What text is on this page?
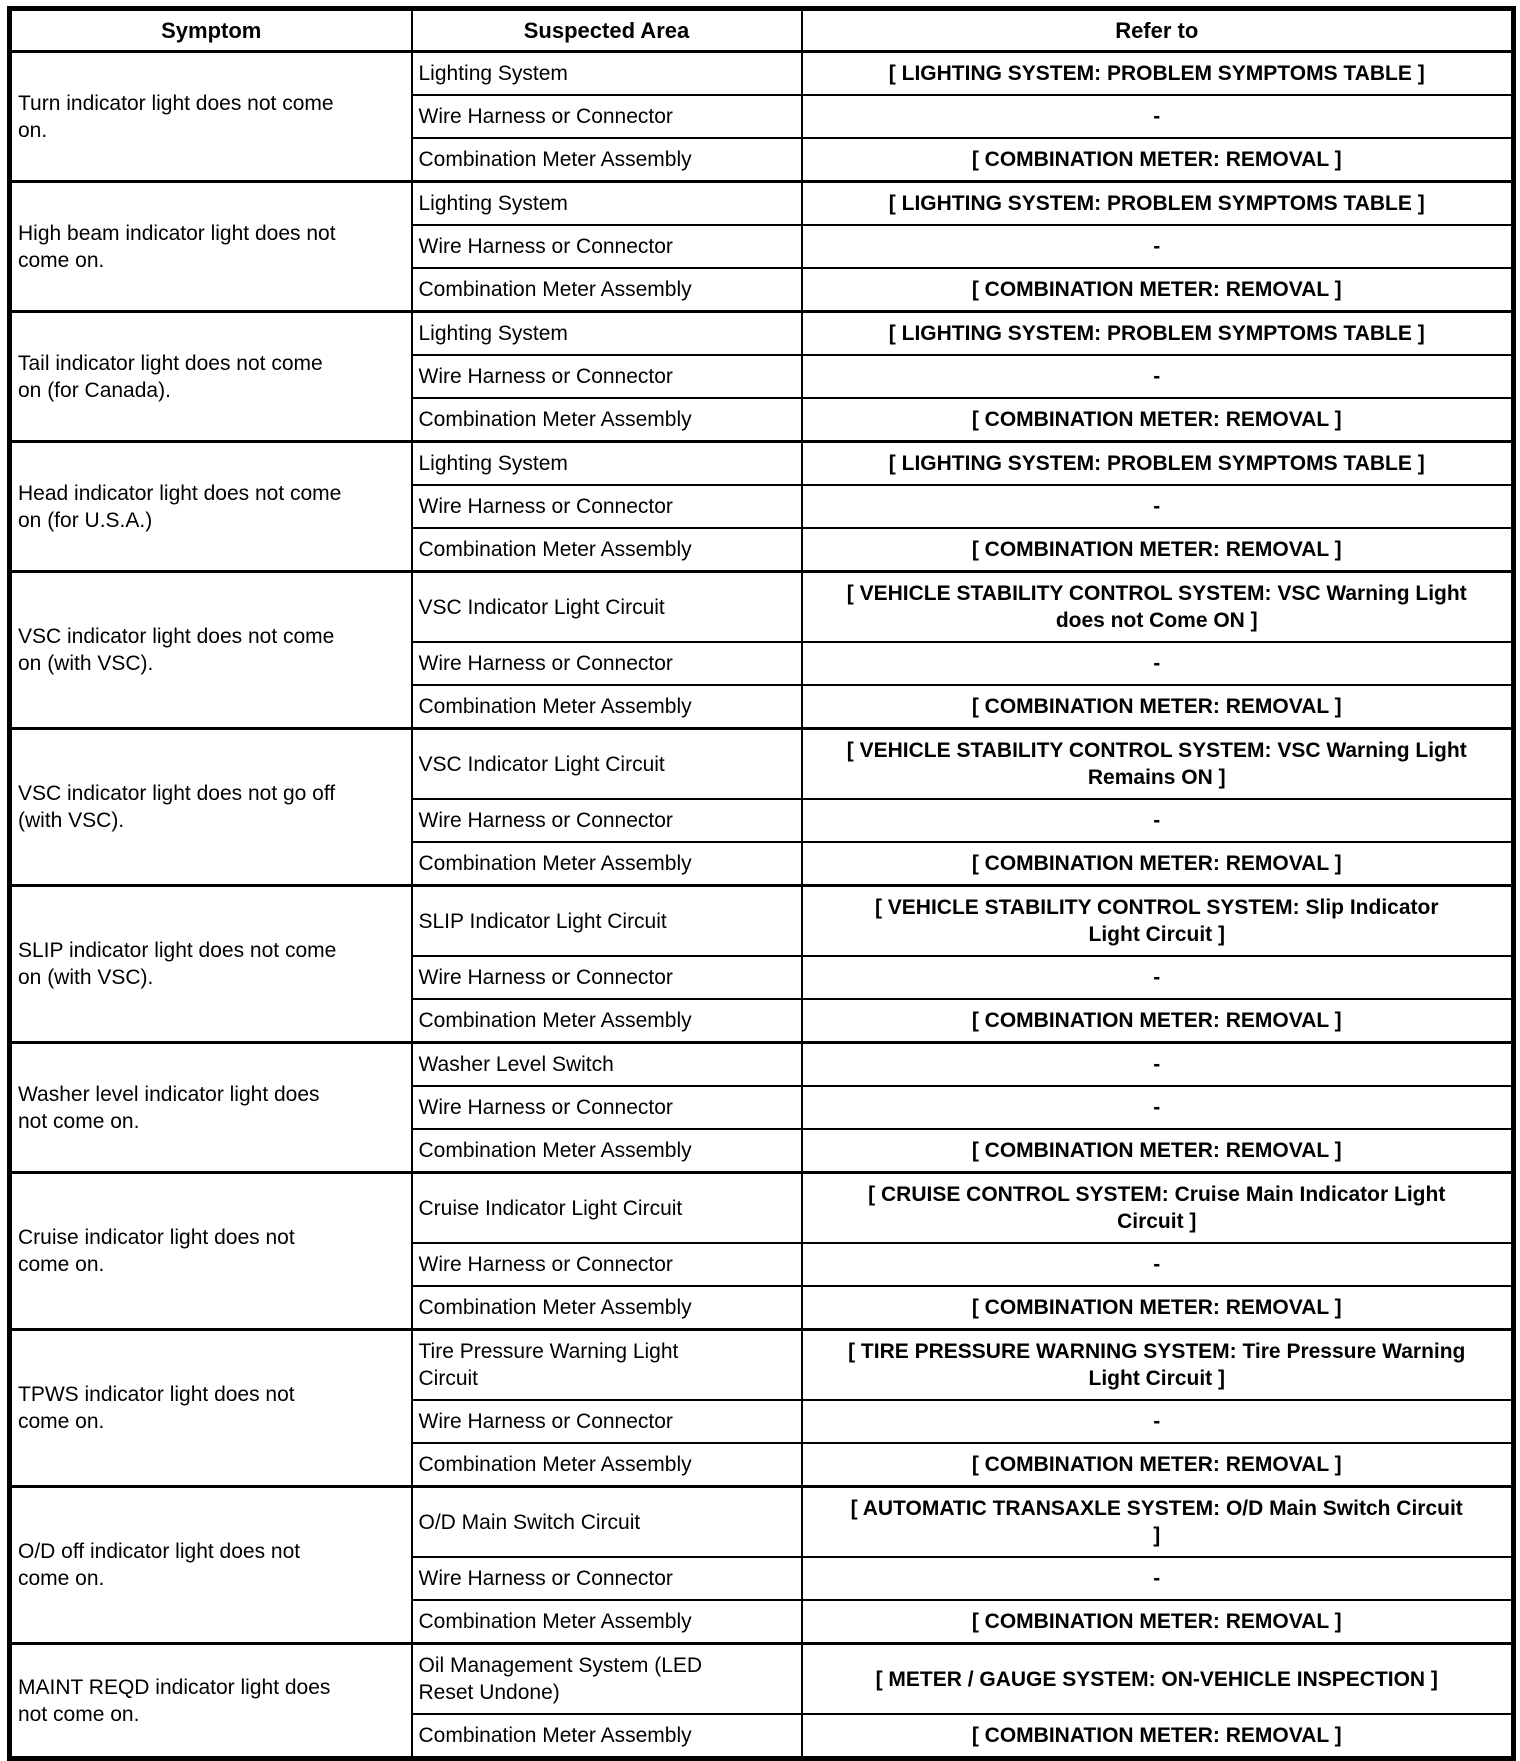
Symptom	Suspected Area	Refer to
Turn indicator light does not come on.	Lighting System	[ LIGHTING SYSTEM: PROBLEM SYMPTOMS TABLE ]
	Wire Harness or Connector	-
	Combination Meter Assembly	[ COMBINATION METER: REMOVAL ]
High beam indicator light does not come on.	Lighting System	[ LIGHTING SYSTEM: PROBLEM SYMPTOMS TABLE ]
	Wire Harness or Connector	-
	Combination Meter Assembly	[ COMBINATION METER: REMOVAL ]
Tail indicator light does not come on (for Canada).	Lighting System	[ LIGHTING SYSTEM: PROBLEM SYMPTOMS TABLE ]
	Wire Harness or Connector	-
	Combination Meter Assembly	[ COMBINATION METER: REMOVAL ]
Head indicator light does not come on (for U.S.A.)	Lighting System	[ LIGHTING SYSTEM: PROBLEM SYMPTOMS TABLE ]
	Wire Harness or Connector	-
	Combination Meter Assembly	[ COMBINATION METER: REMOVAL ]
VSC indicator light does not come on (with VSC).	VSC Indicator Light Circuit	[ VEHICLE STABILITY CONTROL SYSTEM: VSC Warning Light does not Come ON ]
	Wire Harness or Connector	-
	Combination Meter Assembly	[ COMBINATION METER: REMOVAL ]
VSC indicator light does not go off (with VSC).	VSC Indicator Light Circuit	[ VEHICLE STABILITY CONTROL SYSTEM: VSC Warning Light Remains ON ]
	Wire Harness or Connector	-
	Combination Meter Assembly	[ COMBINATION METER: REMOVAL ]
SLIP indicator light does not come on (with VSC).	SLIP Indicator Light Circuit	[ VEHICLE STABILITY CONTROL SYSTEM: Slip Indicator Light Circuit ]
	Wire Harness or Connector	-
	Combination Meter Assembly	[ COMBINATION METER: REMOVAL ]
Washer level indicator light does not come on.	Washer Level Switch	-
	Wire Harness or Connector	-
	Combination Meter Assembly	[ COMBINATION METER: REMOVAL ]
Cruise indicator light does not come on.	Cruise Indicator Light Circuit	[ CRUISE CONTROL SYSTEM: Cruise Main Indicator Light Circuit ]
	Wire Harness or Connector	-
	Combination Meter Assembly	[ COMBINATION METER: REMOVAL ]
TPWS indicator light does not come on.	Tire Pressure Warning Light Circuit	[ TIRE PRESSURE WARNING SYSTEM: Tire Pressure Warning Light Circuit ]
	Wire Harness or Connector	-
	Combination Meter Assembly	[ COMBINATION METER: REMOVAL ]
O/D off indicator light does not come on.	O/D Main Switch Circuit	[ AUTOMATIC TRANSAXLE SYSTEM: O/D Main Switch Circuit ]
	Wire Harness or Connector	-
	Combination Meter Assembly	[ COMBINATION METER: REMOVAL ]
MAINT REQD indicator light does not come on.	Oil Management System (LED Reset Undone)	[ METER / GAUGE SYSTEM: ON-VEHICLE INSPECTION ]
	Combination Meter Assembly	[ COMBINATION METER: REMOVAL ]
